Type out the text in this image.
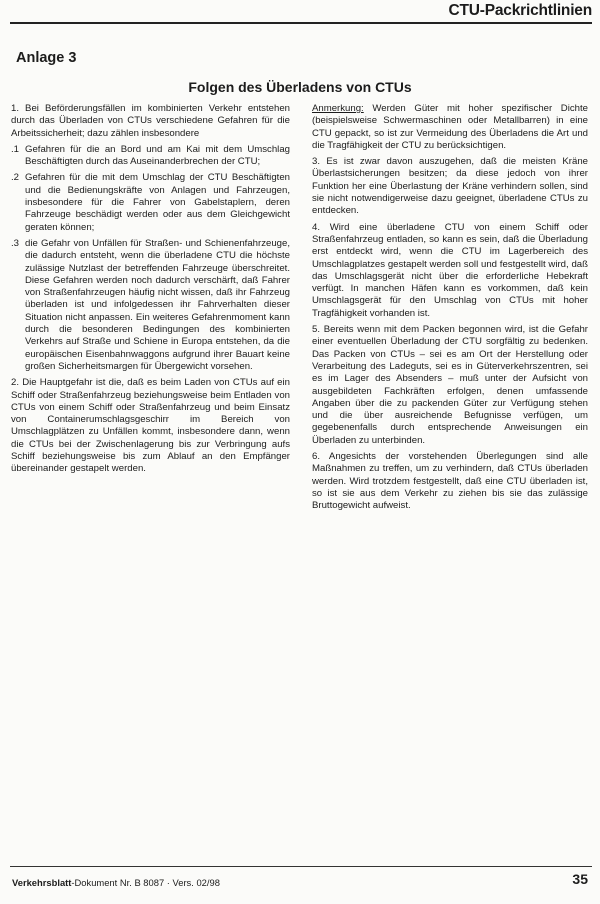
CTU-Packrichtlinien
Anlage 3
Folgen des Überladens von CTUs

1. Bei Beförderungsfällen im kombinierten Verkehr entstehen durch das Überladen von CTUs verschiedene Gefahren für die Arbeitssicherheit; dazu zählen insbesondere

.1 Gefahren für die an Bord und am Kai mit dem Umschlag Beschäftigten durch das Auseinanderbrechen der CTU;
.2 Gefahren für die mit dem Umschlag der CTU Beschäftigten und die Bedienungskräfte von Anlagen und Fahrzeugen, insbesondere für die Fahrer von Gabelstaplern, deren Fahrzeuge beschädigt werden oder aus dem Gleichgewicht geraten können;
.3 die Gefahr von Unfällen für Straßen- und Schienenfahrzeuge, die dadurch entsteht, wenn die überladene CTU die höchste zulässige Nutzlast der betreffenden Fahrzeuge überschreitet. Diese Gefahren werden noch dadurch verschärft, daß Fahrer von Straßenfahrzeugen häufig nicht wissen, daß ihr Fahrzeug überladen ist und infolgedessen ihr Fahrverhalten dieser Situation nicht anpassen. Ein weiteres Gefahrenmoment kann durch die besonderen Bedingungen des kombinierten Verkehrs auf Straße und Schiene in Europa entstehen, da die europäischen Eisenbahnwaggons aufgrund ihrer Bauart keine großen Sicherheitsmargen für Übergewicht vorsehen.

2. Die Hauptgefahr ist die, daß es beim Laden von CTUs auf ein Schiff oder Straßenfahrzeug beziehungsweise beim Entladen von CTUs von einem Schiff oder Straßenfahrzeug und beim Einsatz von Containerumschlagsgeschirr im Bereich von Umschlagplätzen zu Unfällen kommt, insbesondere dann, wenn die CTUs bei der Zwischenlagerung bis zur Verbringung aufs Schiff beziehungsweise bis zum Ablauf an den Empfänger übereinander gestapelt werden.

Anmerkung: Werden Güter mit hoher spezifischer Dichte (beispielsweise Schwermaschinen oder Metallbarren) in eine CTU gepackt, so ist zur Vermeidung des Überladens die Art und die Tragfähigkeit der CTU zu berücksichtigen.

3. Es ist zwar davon auszugehen, daß die meisten Kräne Überlastsicherungen besitzen; da diese jedoch von ihrer Funktion her eine Überlastung der Kräne verhindern sollen, sind sie nicht notwendigerweise dazu geeignet, überladene CTUs zu entdecken.

4. Wird eine überladene CTU von einem Schiff oder Straßenfahrzeug entladen, so kann es sein, daß die Überladung erst entdeckt wird, wenn die CTU im Lagerbereich des Umschlagplatzes gestapelt werden soll und festgestellt wird, daß das Umschlagsgerät nicht über die erforderliche Hebekraft verfügt. In manchen Häfen kann es vorkommen, daß kein Umschlagsgerät für den Umschlag von CTUs mit hoher Tragfähigkeit vorhanden ist.

5. Bereits wenn mit dem Packen begonnen wird, ist die Gefahr einer eventuellen Überladung der CTU sorgfältig zu bedenken. Das Packen von CTUs – sei es am Ort der Herstellung oder Verarbeitung des Ladeguts, sei es in Güterverkehrszentren, sei es im Lager des Absenders – muß unter der Aufsicht von ausgebildeten Fachkräften erfolgen, denen umfassende Angaben über die zu packenden Güter zur Verfügung stehen und die über ausreichende Befugnisse verfügen, um gegebenenfalls durch entsprechende Anweisungen ein Überladen zu unterbinden.

6. Angesichts der vorstehenden Überlegungen sind alle Maßnahmen zu treffen, um zu verhindern, daß CTUs überladen werden. Wird trotzdem festgestellt, daß eine CTU überladen ist, so ist sie aus dem Verkehr zu ziehen bis sie das zulässige Bruttogewicht aufweist.

Verkehrsblatt-Dokument Nr. B 8087 · Vers. 02/98	35
